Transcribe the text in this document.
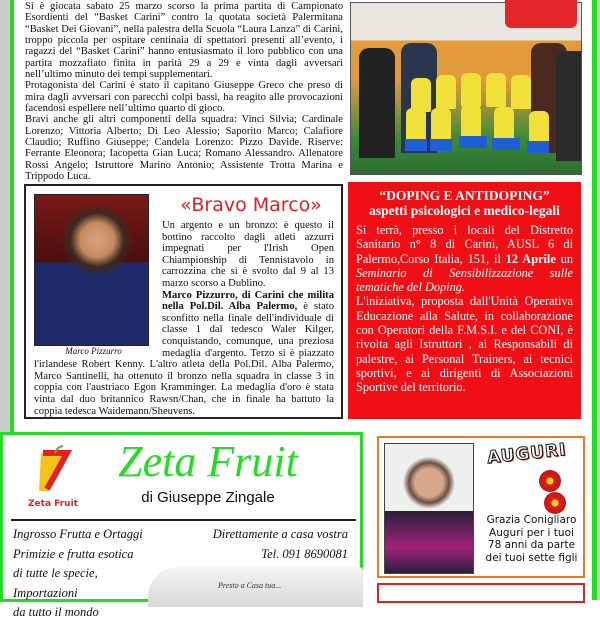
Si è giocata sabato 25 marzo scorso la prima partita di Campionato Esordienti del “Basket Carini” contro la quotata società Palermitana “Basket Dei Giovani”, nella palestra della Scuola “Laura Lanza” di Carini, troppo piccola per ospitare centinaia di spettatori presenti all’evento, i ragazzi del “Basket Carini” hanno entusiasmato il loro pubblico con una partita mozzafiato finita in parità 29 a 29 e vinta dagli avversari nell’ultimo minuto dei tempi supplementari.

Protagonista del Carini è stato il capitano Giuseppe Greco che preso di mira dagli avversari con parecchi colpi bassi, ha reagito alle provocazioni facendosi espellere nell’ultimo quarto di gioco.

Bravi anche gli altri componenti della squadra: Vinci Silvia; Cardinale Lorenzo; Vittoria Alberto; Di Leo Alessio; Saporito Marco; Calafiore Claudio; Ruffino Giuseppe; Candela Lorenzo: Pizzo Davide. Riserve: Ferrante Eleonora; Iacopetta Gian Luca; Romano Alessandro. Allenatore Rossi Angelo; Istruttore Marino Antonio; Assistente Trotta Marina e Trippodo Luca.

Marco Pizzurro
«Bravo Marco»
Un argento e un bronzo: è questo il bottino raccolto dagli atleti azzurri impegnati per l'Irish Open Chiampionship di Tennistavolo in carrozzina che si è svolto dal 9 al 13 marzo scorso a Dublino.
Marco Pizzurro, di Carini che milita nella Pol.Dil. Alba Palermo, è stato sconfitto nella finale dell'individuale di classe 1 dal tedesco Waler Kilger, conquistando, comunque, una preziosa medaglia d'argento. Terzo si è piazzato l'irlandese Robert Kenny. L'altro atleta della Pol.Dil. Alba Palermo, Marco Santinelli, ha ottenuto il bronzo nella squadra in classe 3 in coppia con l'austriaco Egon Kramminger. La medaglia d'oro è stata vinta dal duo britannico Rawsn/Chan, che in finale ha battuto la coppia tedesca Waidemann/Sheuvens.
“DOPING E ANTIDOPING”
aspetti psicologici e medico-legali
Si terrà, presso i locali del Distretto Sanitario n° 8 di Carini, AUSL 6 di Palermo,Corso Italia, 151, il 12 Aprile un Seminario di Sensibilizzazione sulle tematiche del Doping.
L'iniziativa, proposta dall'Unità Operativa Educazione alla Salute, in collaborazione con Operatori della F.M.S.I. e del CONI, è rivolta agli Istruttori , ai Responsabili di palestre, ai Personal Trainers, ai tecnici sportivi, e ai dirigenti di Associazioni Sportive del territorio.
Zeta Fruit
Zeta Fruit
di Giuseppe Zingale
Ingrosso Frutta e Ortaggi
Primizie e frutta esotica
di tutte le specie,
Importazioni
da tutto il mondo
Direttamente a casa vostra
Tel. 091 8690081
Presto a Casa tua...
AUGURI
Grazia Conigliaro
Auguri per i tuoi
78 anni da parte
dei tuoi sette figli
